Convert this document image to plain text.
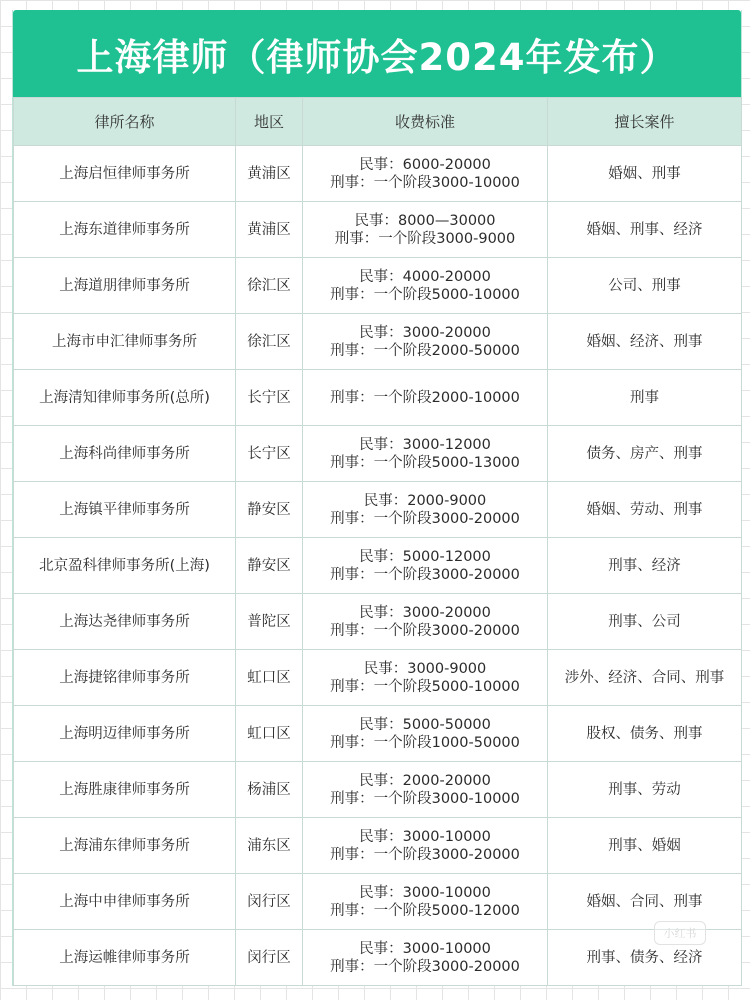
上海律师（律师协会2024年发布）
律所名称	地区	收费标准	擅长案件
上海启恒律师事务所	黄浦区	民事：6000-20000
刑事：一个阶段3000-10000	婚姻、刑事
上海东道律师事务所	黄浦区	民事：8000—30000
刑事：一个阶段3000-9000	婚姻、刑事、经济
上海道朋律师事务所	徐汇区	民事：4000-20000
刑事：一个阶段5000-10000	公司、刑事
上海市申汇律师事务所	徐汇区	民事：3000-20000
刑事：一个阶段2000-50000	婚姻、经济、刑事
上海清知律师事务所(总所)	长宁区	刑事：一个阶段2000-10000	刑事
上海科尚律师事务所	长宁区	民事：3000-12000
刑事：一个阶段5000-13000	债务、房产、刑事
上海镇平律师事务所	静安区	民事：2000-9000
刑事：一个阶段3000-20000	婚姻、劳动、刑事
北京盈科律师事务所(上海)	静安区	民事：5000-12000
刑事：一个阶段3000-20000	刑事、经济
上海达尧律师事务所	普陀区	民事：3000-20000
刑事：一个阶段3000-20000	刑事、公司
上海捷铭律师事务所	虹口区	民事：3000-9000
刑事：一个阶段5000-10000	涉外、经济、合同、刑事
上海明迈律师事务所	虹口区	民事：5000-50000
刑事：一个阶段1000-50000	股权、债务、刑事
上海胜康律师事务所	杨浦区	民事：2000-20000
刑事：一个阶段3000-10000	刑事、劳动
上海浦东律师事务所	浦东区	民事：3000-10000
刑事：一个阶段3000-20000	刑事、婚姻
上海中申律师事务所	闵行区	民事：3000-10000
刑事：一个阶段5000-12000	婚姻、合同、刑事
上海运帷律师事务所	闵行区	民事：3000-10000
刑事：一个阶段3000-20000	刑事、债务、经济
小红书
